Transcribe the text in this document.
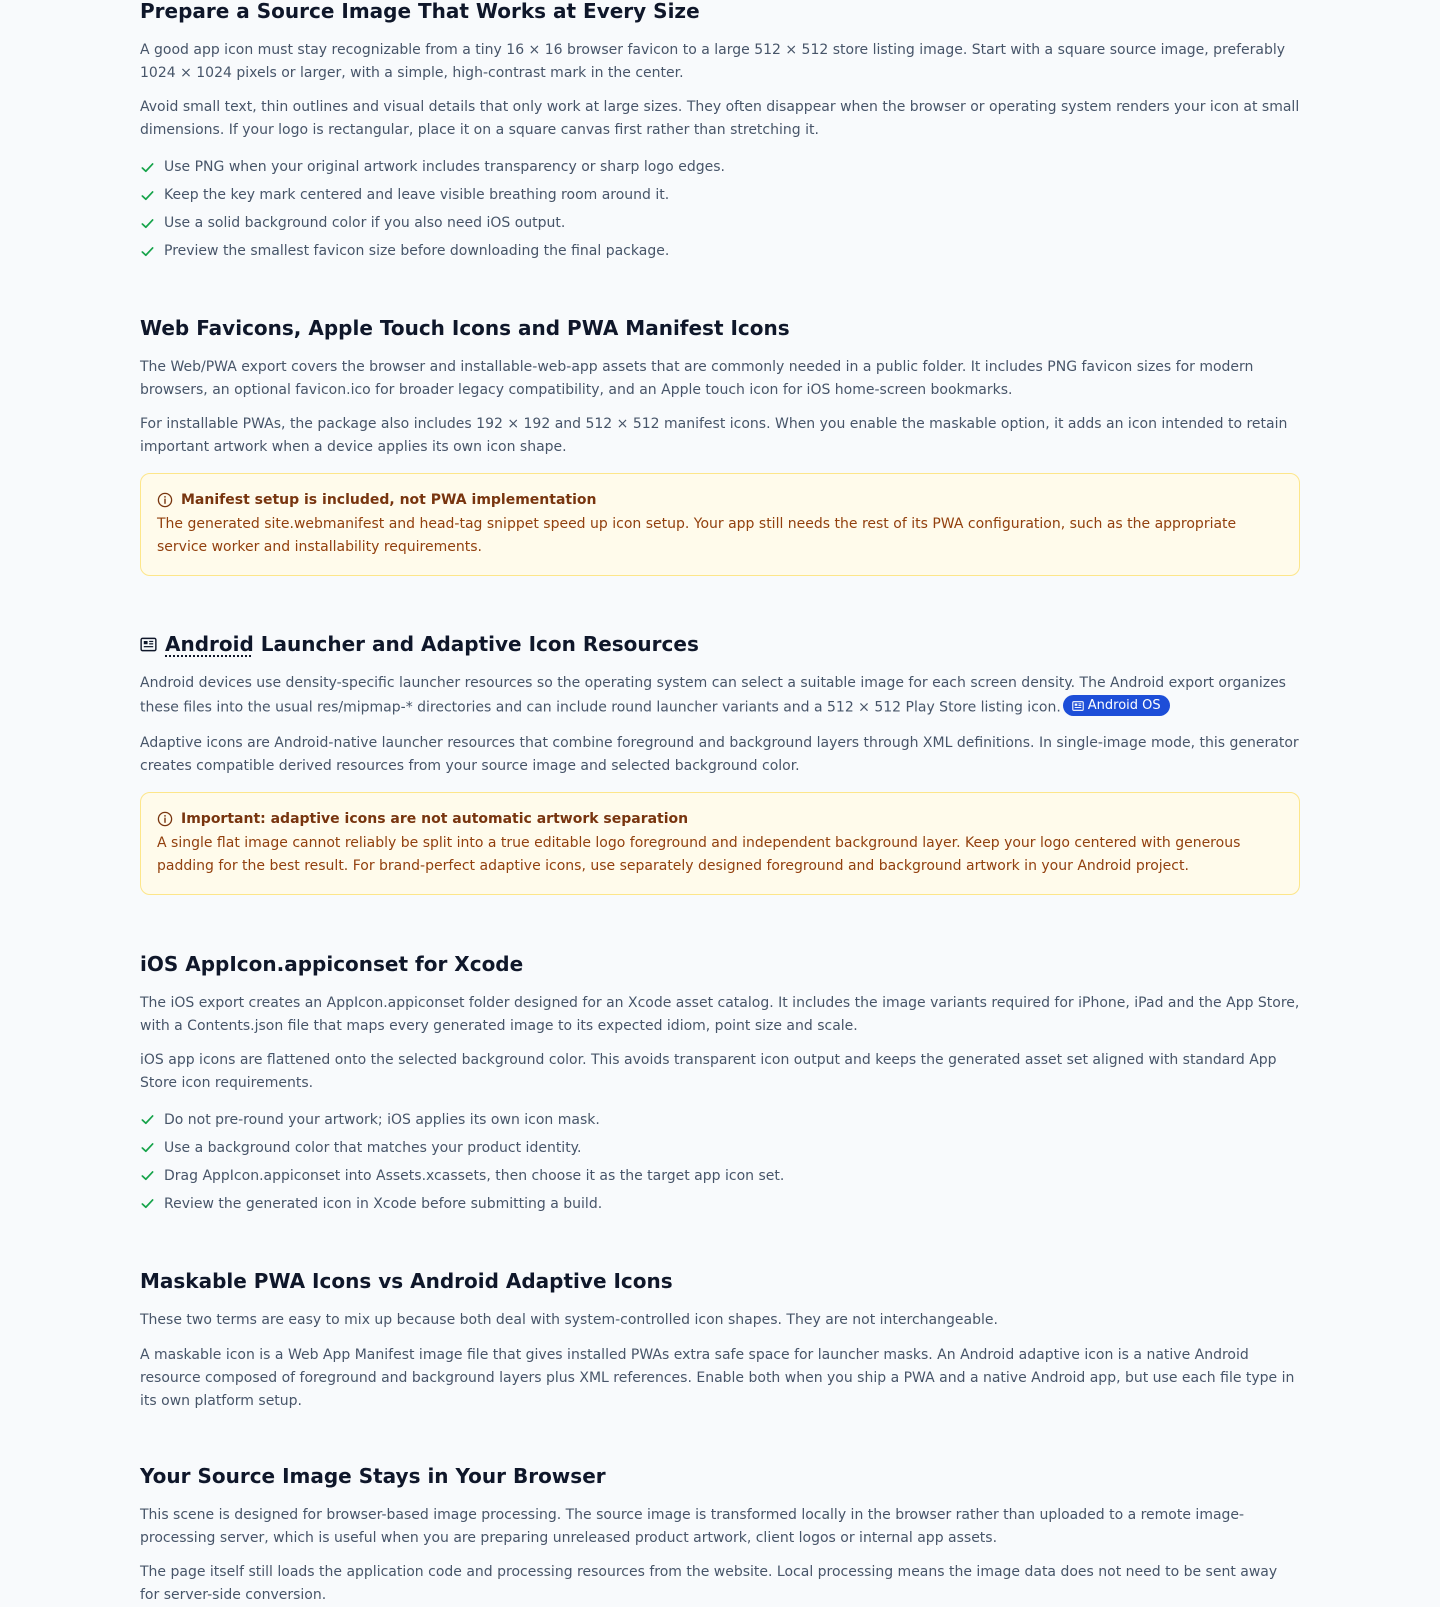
Prepare a Source Image That Works at Every Size

A good app icon must stay recognizable from a tiny 16 × 16 browser favicon to a large 512 × 512 store listing image. Start with a square source image, preferably 1024 × 1024 pixels or larger, with a simple, high-contrast mark in the center.

Avoid small text, thin outlines and visual details that only work at large sizes. They often disappear when the browser or operating system renders your icon at small dimensions. If your logo is rectangular, place it on a square canvas first rather than stretching it.

Use PNG when your original artwork includes transparency or sharp logo edges.
Keep the key mark centered and leave visible breathing room around it.
Use a solid background color if you also need iOS output.
Preview the smallest favicon size before downloading the final package.
Web Favicons, Apple Touch Icons and PWA Manifest Icons

The Web/PWA export covers the browser and installable-web-app assets that are commonly needed in a public folder. It includes PNG favicon sizes for modern browsers, an optional favicon.ico for broader legacy compatibility, and an Apple touch icon for iOS home-screen bookmarks.

For installable PWAs, the package also includes 192 × 192 and 512 × 512 manifest icons. When you enable the maskable option, it adds an icon intended to retain important artwork when a device applies its own icon shape.

Manifest setup is included, not PWA implementation
The generated site.webmanifest and head-tag snippet speed up icon setup. Your app still needs the rest of its PWA configuration, such as the appropriate service worker and installability requirements.
Android Launcher and Adaptive Icon Resources

Android devices use density-specific launcher resources so the operating system can select a suitable image for each screen density. The Android export organizes these files into the usual res/mipmap-* directories and can include round launcher variants and a 512 × 512 Play Store listing icon. Android OS

Adaptive icons are Android-native launcher resources that combine foreground and background layers through XML definitions. In single-image mode, this generator creates compatible derived resources from your source image and selected background color.

Important: adaptive icons are not automatic artwork separation
A single flat image cannot reliably be split into a true editable logo foreground and independent background layer. Keep your logo centered with generous padding for the best result. For brand-perfect adaptive icons, use separately designed foreground and background artwork in your Android project.
iOS AppIcon.appiconset for Xcode

The iOS export creates an AppIcon.appiconset folder designed for an Xcode asset catalog. It includes the image variants required for iPhone, iPad and the App Store, with a Contents.json file that maps every generated image to its expected idiom, point size and scale.

iOS app icons are flattened onto the selected background color. This avoids transparent icon output and keeps the generated asset set aligned with standard App Store icon requirements.

Do not pre-round your artwork; iOS applies its own icon mask.
Use a background color that matches your product identity.
Drag AppIcon.appiconset into Assets.xcassets, then choose it as the target app icon set.
Review the generated icon in Xcode before submitting a build.
Maskable PWA Icons vs Android Adaptive Icons

These two terms are easy to mix up because both deal with system-controlled icon shapes. They are not interchangeable.

A maskable icon is a Web App Manifest image file that gives installed PWAs extra safe space for launcher masks. An Android adaptive icon is a native Android resource composed of foreground and background layers plus XML references. Enable both when you ship a PWA and a native Android app, but use each file type in its own platform setup.

Your Source Image Stays in Your Browser

This scene is designed for browser-based image processing. The source image is transformed locally in the browser rather than uploaded to a remote image-processing server, which is useful when you are preparing unreleased product artwork, client logos or internal app assets.

The page itself still loads the application code and processing resources from the website. Local processing means the image data does not need to be sent away for server-side conversion.
